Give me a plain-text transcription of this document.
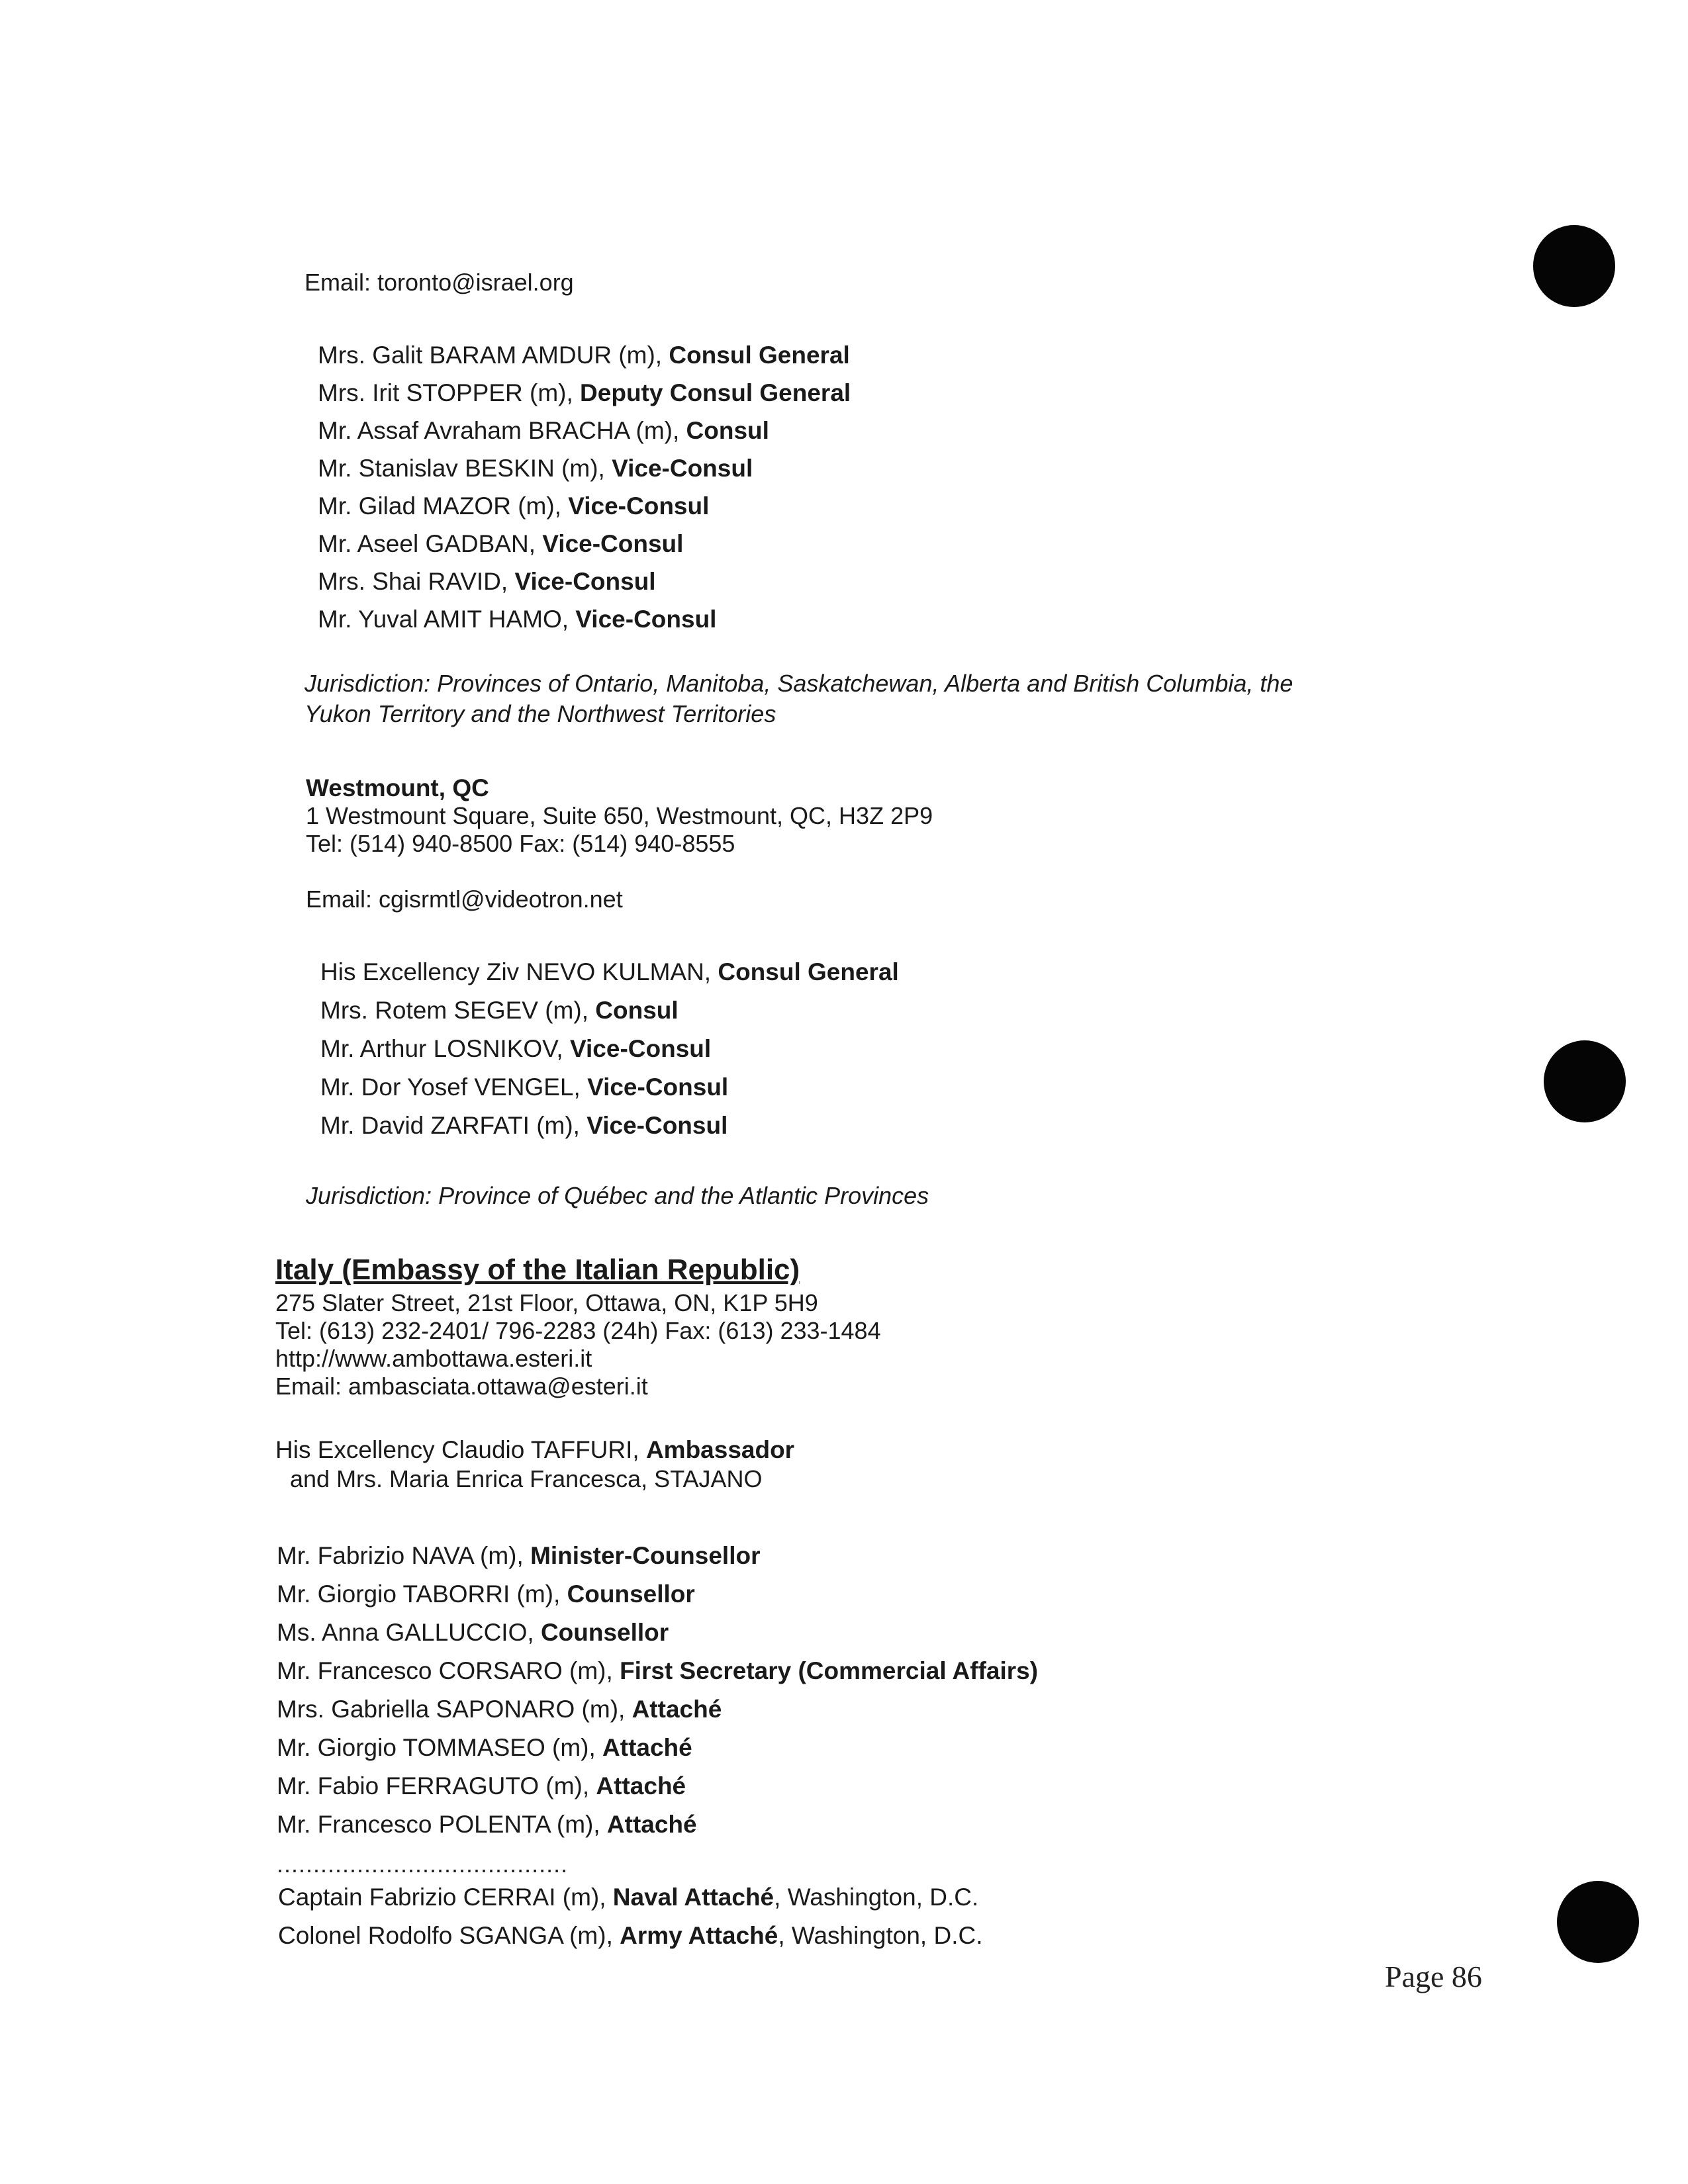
Email: toronto@israel.org
Mrs. Galit BARAM AMDUR (m), Consul General
Mrs. Irit STOPPER (m), Deputy Consul General
Mr. Assaf Avraham BRACHA (m), Consul
Mr. Stanislav BESKIN (m), Vice-Consul
Mr. Gilad MAZOR (m), Vice-Consul
Mr. Aseel GADBAN, Vice-Consul
Mrs. Shai RAVID, Vice-Consul
Mr. Yuval AMIT HAMO, Vice-Consul
Jurisdiction: Provinces of Ontario, Manitoba, Saskatchewan, Alberta and British Columbia, the
Yukon Territory and the Northwest Territories
Westmount, QC
1 Westmount Square, Suite 650, Westmount, QC, H3Z 2P9
Tel: (514) 940-8500 Fax: (514) 940-8555
Email: cgisrmtl@videotron.net
His Excellency Ziv NEVO KULMAN, Consul General
Mrs. Rotem SEGEV (m), Consul
Mr. Arthur LOSNIKOV, Vice-Consul
Mr. Dor Yosef VENGEL, Vice-Consul
Mr. David ZARFATI (m), Vice-Consul
Jurisdiction: Province of Québec and the Atlantic Provinces
Italy (Embassy of the Italian Republic)
275 Slater Street, 21st Floor, Ottawa, ON, K1P 5H9
Tel: (613) 232-2401/ 796-2283 (24h) Fax: (613) 233-1484
http://www.ambottawa.esteri.it
Email: ambasciata.ottawa@esteri.it
His Excellency Claudio TAFFURI, Ambassador
and Mrs. Maria Enrica Francesca, STAJANO
Mr. Fabrizio NAVA (m), Minister-Counsellor
Mr. Giorgio TABORRI (m), Counsellor
Ms. Anna GALLUCCIO, Counsellor
Mr. Francesco CORSARO (m), First Secretary (Commercial Affairs)
Mrs. Gabriella SAPONARO (m), Attaché
Mr. Giorgio TOMMASEO (m), Attaché
Mr. Fabio FERRAGUTO (m), Attaché
Mr. Francesco POLENTA (m), Attaché
........................................
Captain Fabrizio CERRAI (m), Naval Attaché, Washington, D.C.
Colonel Rodolfo SGANGA (m), Army Attaché, Washington, D.C.
Page 86
